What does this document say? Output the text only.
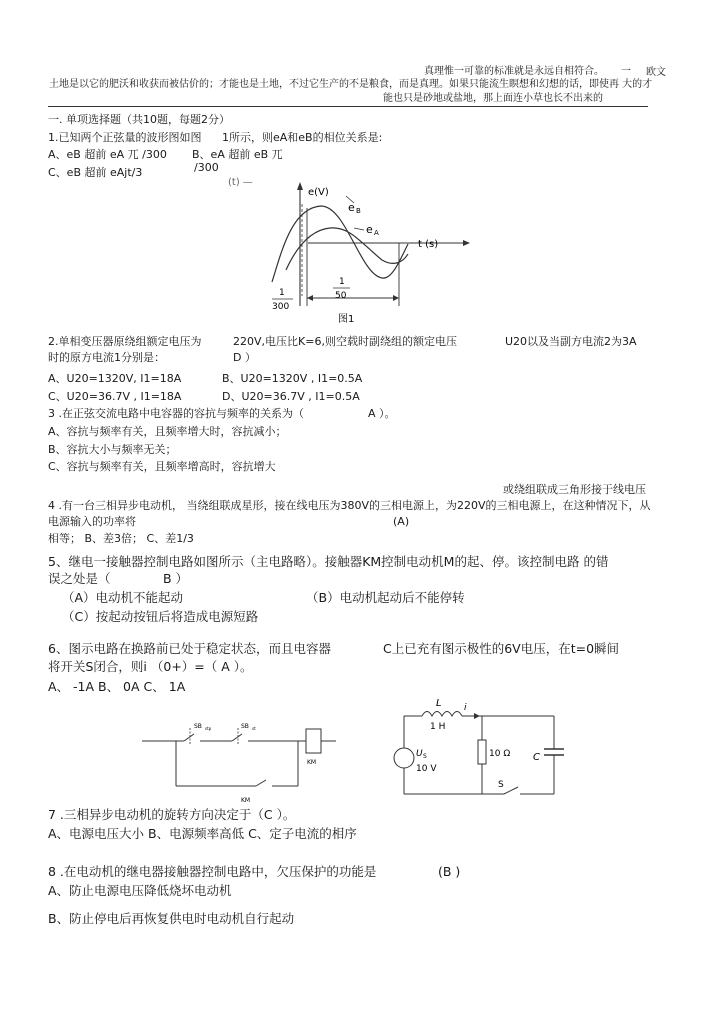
真理惟一可靠的标准就是永远自相符合。 一 欧文
土地是以它的肥沃和收获而被估价的；才能也是土地，不过它生产的不是粮食，而是真理。如果只能流生瞑想和幻想的话，即使再 大的才
能也只是砂地或盐地，那上面连小草也长不出来的
一. 单项选择题（共10题，每题2分）
1.已知两个正弦量的波形图如图 1所示，则eA和eB的相位关系是:
A、eB 超前 eA 兀 /300 B、eA 超前 eB 兀
/300
C、eB 超前 eAjt/3
(t) —
e(V)
t (s)
e B
e A
1
300
1
50
图1
2.单相变压器原绕组额定电压为	220V,电压比K=6,则空载时副绕组的额定电压	U20以及当副方电流2为3A
时的原方电流1分别是：	D ）
A、U20=1320V, I1=18A	B、U20=1320V , I1=0.5A
C、U20=36.7V , I1=18A	D、U20=36.7V , I1=0.5A
3 .在正弦交流电路中电容器的容抗与频率的关系为（	A ）。
A、容抗与频率有关，且频率增大时，容抗减小；
B、容抗大小与频率无关；
C、容抗与频率有关，且频率增高时，容抗增大
或绕组联成三角形接于线电压
4 .有一台三相异步电动机， 当绕组联成星形，接在线电压为380V的三相电源上，为220V的三相电源上，在这种情况下，从
电源输入的功率将	(A)
相等； B、差3倍； C、差1/3
5、继电一接触器控制电路如图所示（主电路略）。接触器KM控制电动机M的起、停。该控制电路 的错
误之处是（	B ）
（A）电动机不能起动	（B）电动机起动后不能停转
（C）按起动按钮后将造成电源短路
6、图示电路在换路前已处于稳定状态，而且电容器	C上已充有图示极性的6V电压，在t=0瞬间
将开关S闭合，则i （0+）=（ A ）。
A、 -1A B、 0A C、 1A
SB stp	SB st
KM
KM
L
1 H
i
U S
10 V
10 Ω C
S
7 .三相异步电动机的旋转方向决定于（C ）。
A、电源电压大小 B、电源频率高低 C、定子电流的相序
8 .在电动机的继电器接触器控制电路中，欠压保护的功能是	(B )
A、防止电源电压降低烧坏电动机
B、防止停电后再恢复供电时电动机自行起动
